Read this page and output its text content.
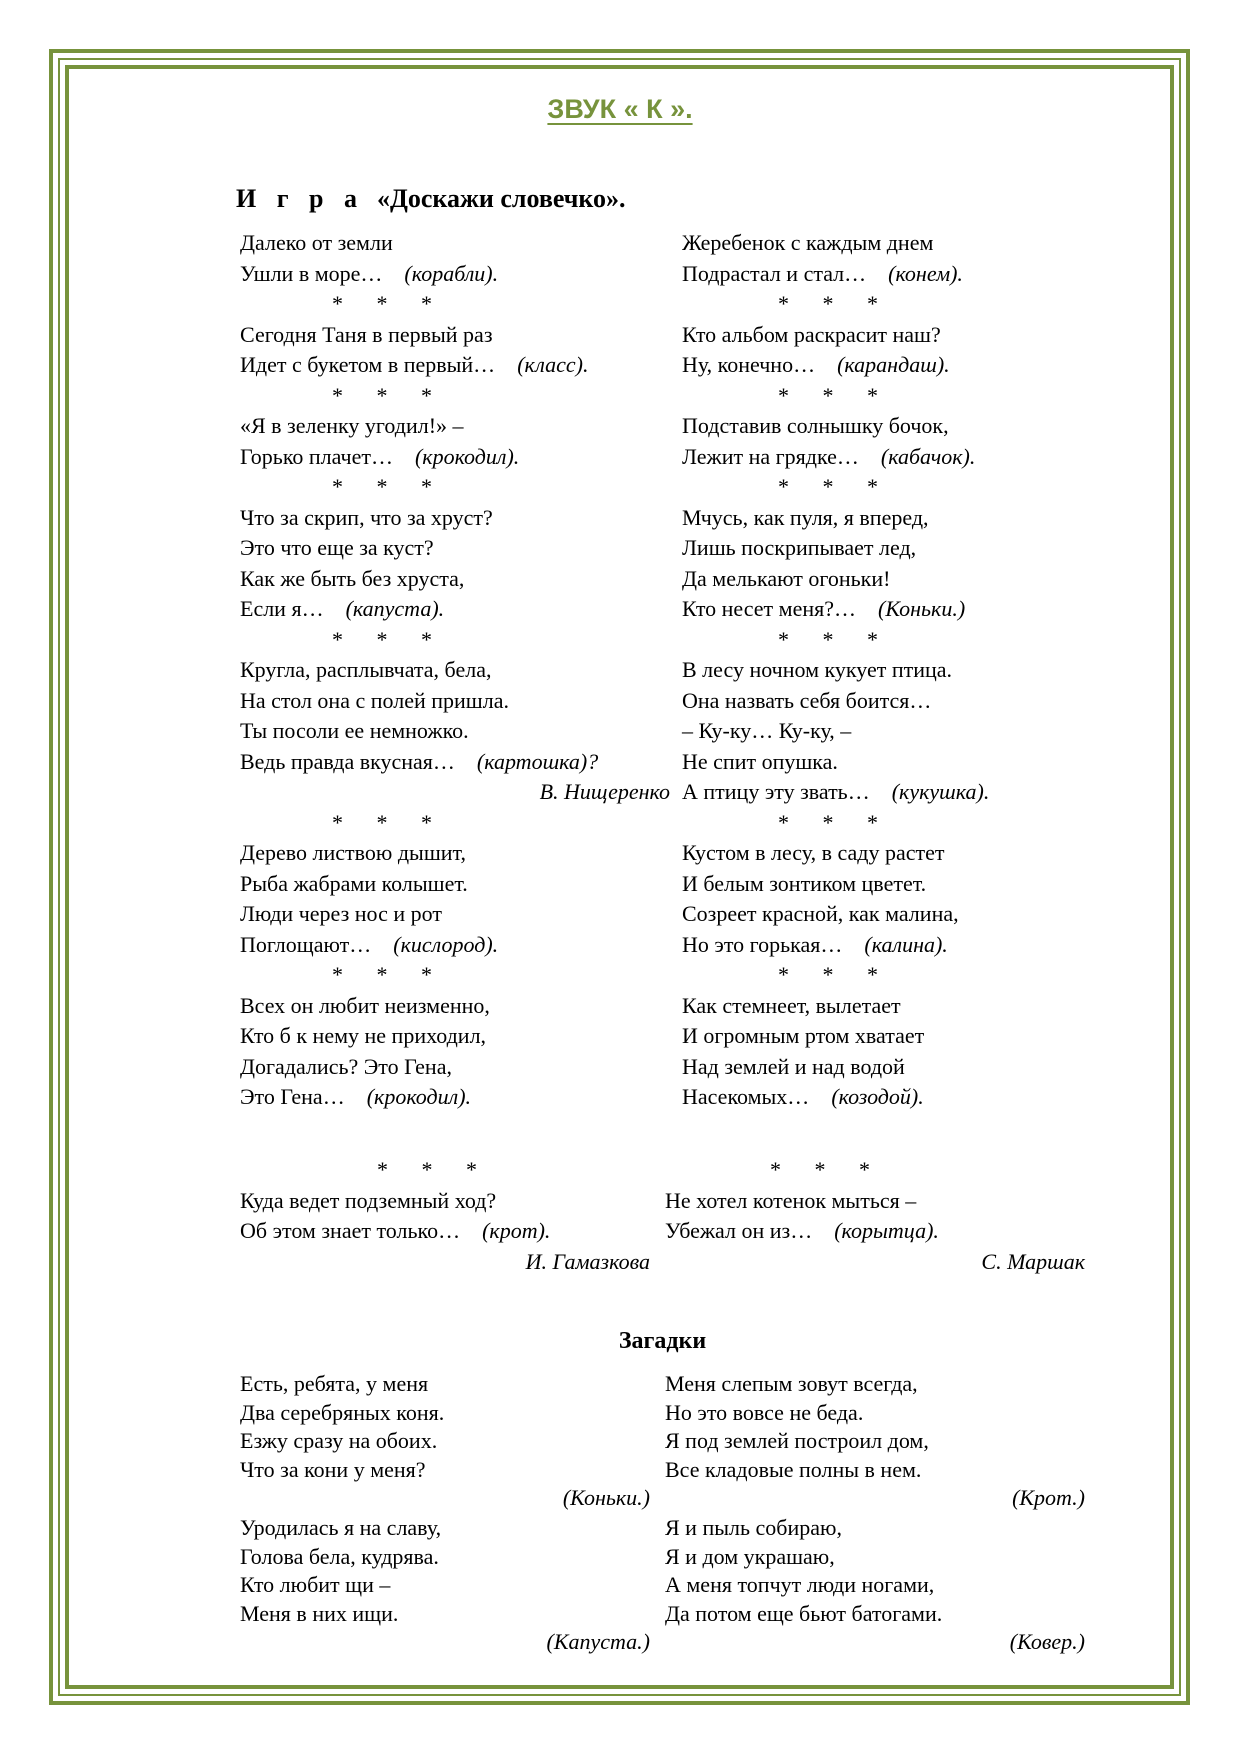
ЗВУК « К ».
И г р а «Доскажи словечко».
Далеко от земли
Ушли в море… (корабли).
* * *
Сегодня Таня в первый раз
Идет с букетом в первый… (класс).
* * *
«Я в зеленку угодил!» –
Горько плачет… (крокодил).
* * *
Что за скрип, что за хруст?
Это что еще за куст?
Как же быть без хруста,
Если я… (капуста).
* * *
Кругла, расплывчата, бела,
На стол она с полей пришла.
Ты посоли ее немножко.
Ведь правда вкусная… (картошка)?
В. Нищеренко
* * *
Дерево листвою дышит,
Рыба жабрами колышет.
Люди через нос и рот
Поглощают… (кислород).
* * *
Всех он любит неизменно,
Кто б к нему не приходил,
Догадались? Это Гена,
Это Гена… (крокодил).
Жеребенок с каждым днем
Подрастал и стал… (конем).
* * *
Кто альбом раскрасит наш?
Ну, конечно… (карандаш).
* * *
Подставив солнышку бочок,
Лежит на грядке… (кабачок).
* * *
Мчусь, как пуля, я вперед,
Лишь поскрипывает лед,
Да мелькают огоньки!
Кто несет меня?… (Коньки.)
* * *
В лесу ночном кукует птица.
Она назвать себя боится…
– Ку-ку… Ку-ку, –
Не спит опушка.
А птицу эту звать… (кукушка).
* * *
Кустом в лесу, в саду растет
И белым зонтиком цветет.
Созреет красной, как малина,
Но это горькая… (калина).
* * *
Как стемнеет, вылетает
И огромным ртом хватает
Над землей и над водой
Насекомых… (козодой).
* * *
Куда ведет подземный ход?
Об этом знает только… (крот).
И. Гамазкова
* * *
Не хотел котенок мыться –
Убежал он из… (корытца).
С. Маршак
Загадки
Есть, ребята, у меня
Два серебряных коня.
Езжу сразу на обоих.
Что за кони у меня?
(Коньки.)
Уродилась я на славу,
Голова бела, кудрява.
Кто любит щи –
Меня в них ищи.
(Капуста.)
Меня слепым зовут всегда,
Но это вовсе не беда.
Я под землей построил дом,
Все кладовые полны в нем.
(Крот.)
Я и пыль собираю,
Я и дом украшаю,
А меня топчут люди ногами,
Да потом еще бьют батогами.
(Ковер.)
